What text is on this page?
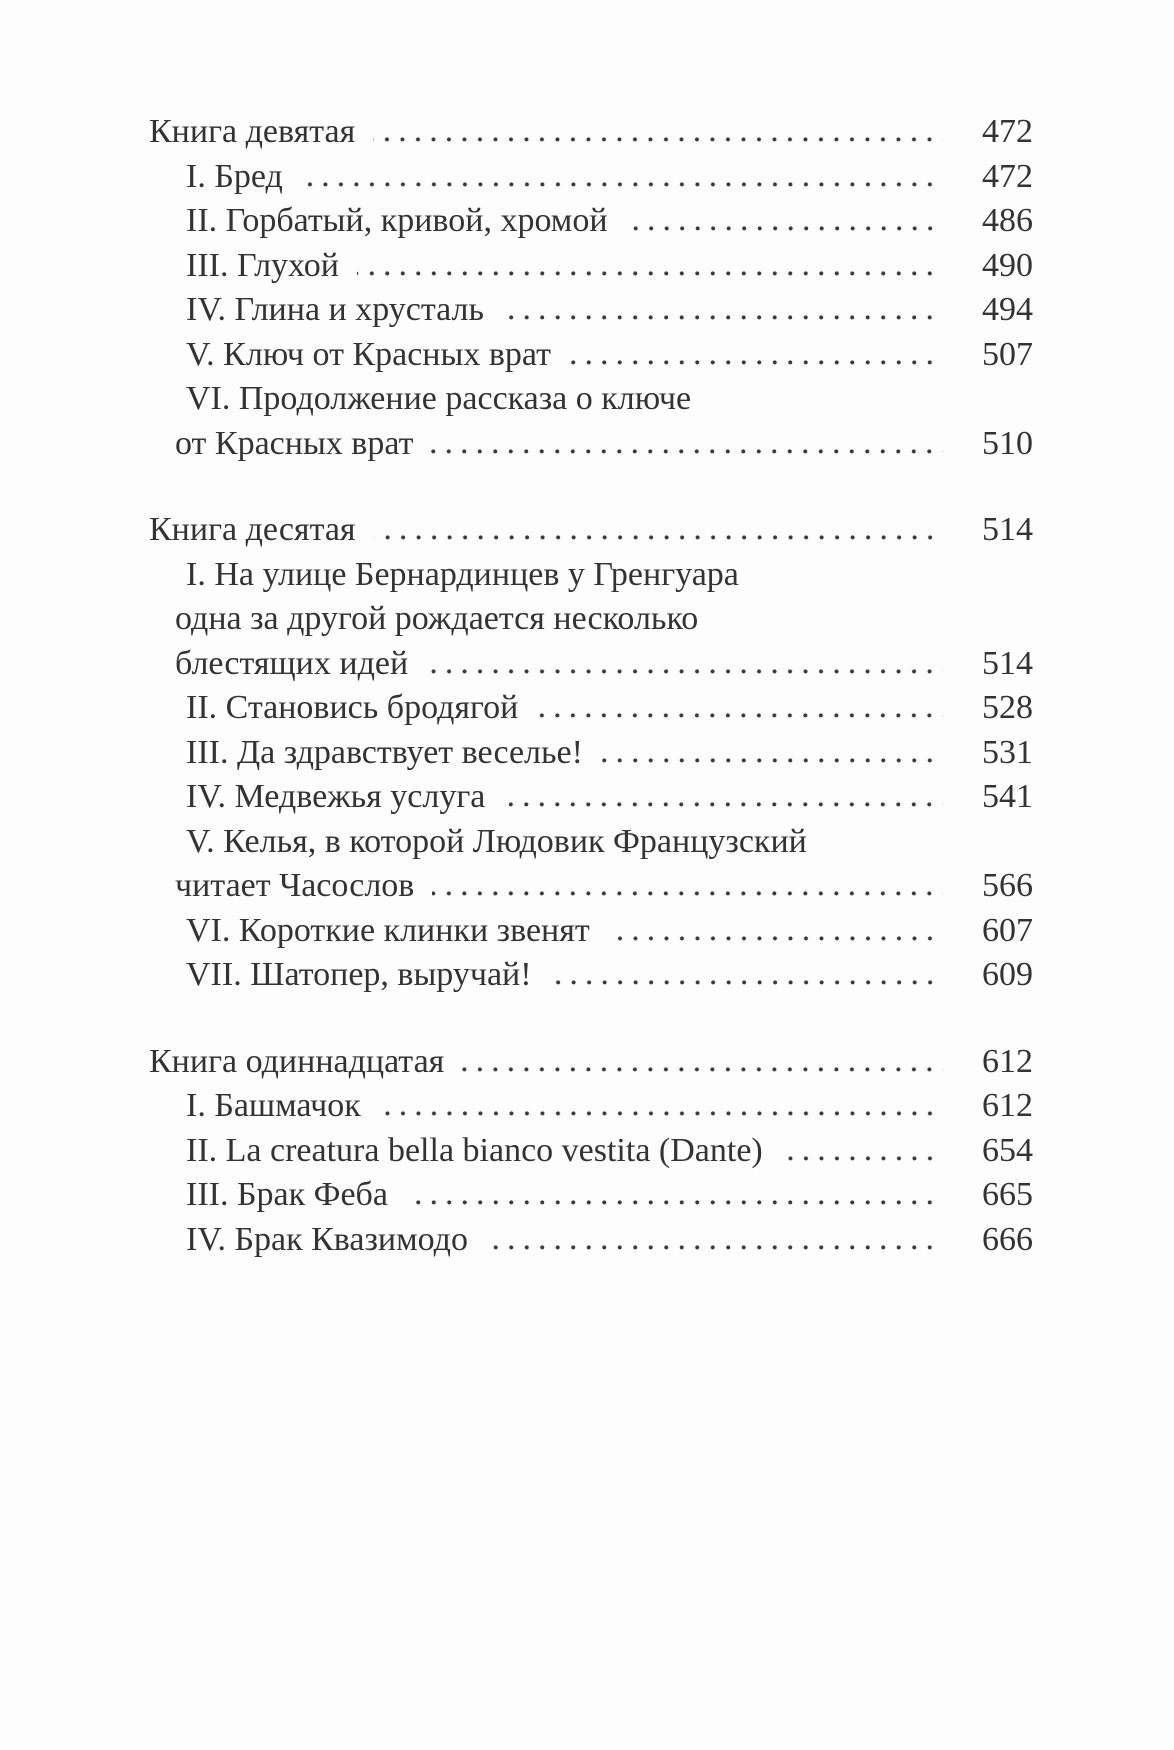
Книга девятая	472
I. Бред	472
II. Горбатый, кривой, хромой	486
III. Глухой	490
IV. Глина и хрусталь	494
V. Ключ от Красных врат	507
VI. Продолжение рассказа о ключе
от Красных врат	510
Книга десятая	514
I. На улице Бернардинцев у Гренгуара
одна за другой рождается несколько
блестящих идей	514
II. Становись бродягой	528
III. Да здравствует веселье!	531
IV. Медвежья услуга	541
V. Келья, в которой Людовик Французский
читает Часослов	566
VI. Короткие клинки звенят	607
VII. Шатопер, выручай!	609
Книга одиннадцатая	612
I. Башмачок	612
II. La creatura bella bianco vestita (Dante)	654
III. Брак Феба	665
IV. Брак Квазимодо	666
